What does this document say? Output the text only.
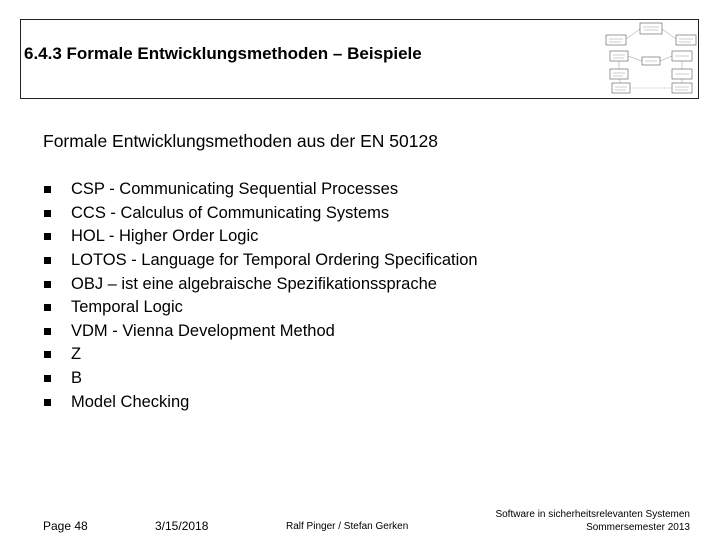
6.4.3 Formale Entwicklungsmethoden – Beispiele
Formale Entwicklungsmethoden aus der EN 50128
CSP - Communicating Sequential Processes
CCS - Calculus of Communicating Systems
HOL - Higher Order Logic
LOTOS - Language for Temporal Ordering Specification
OBJ – ist eine algebraische Spezifikationssprache
Temporal Logic
VDM - Vienna Development Method
Z
B
Model Checking
Page 48	3/15/2018	Ralf Pinger / Stefan Gerken
Software in sicherheitsrelevanten Systemen
Sommersemester 2013
